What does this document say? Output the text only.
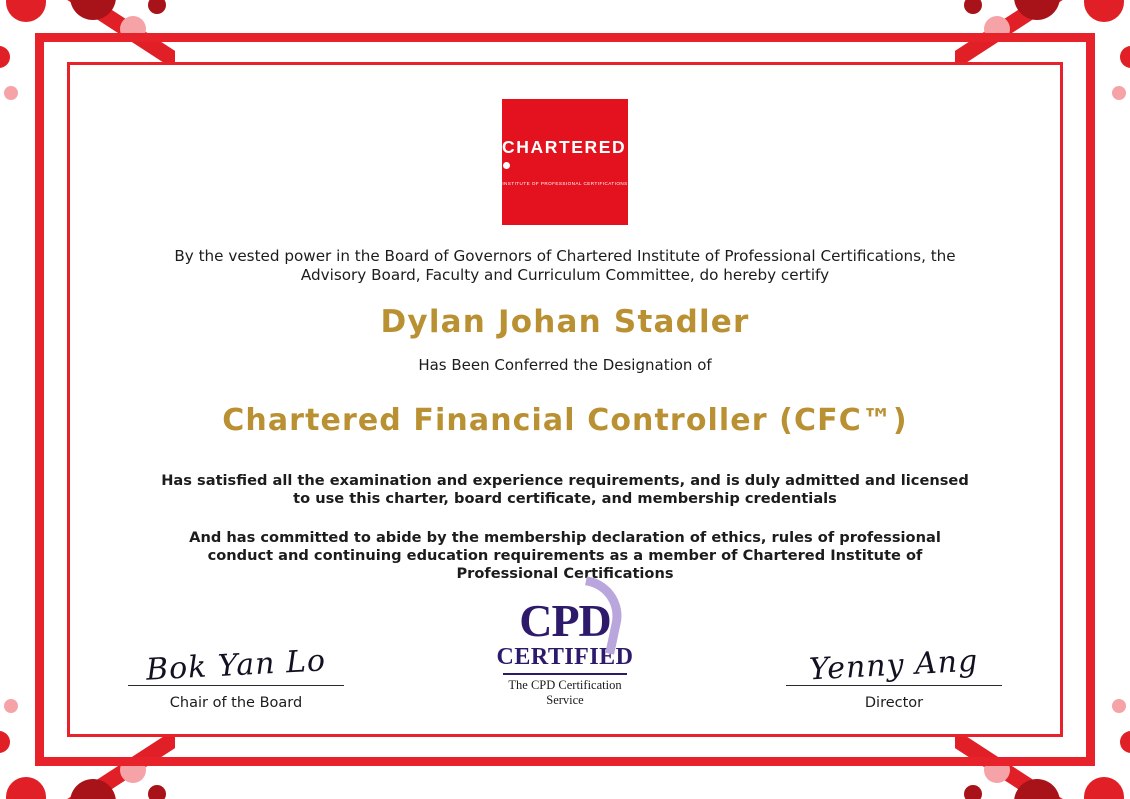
CHARTERED
INSTITUTE OF PROFESSIONAL CERTIFICATIONS
By the vested power in the Board of Governors of Chartered Institute of Professional Certifications, the Advisory Board, Faculty and Curriculum Committee, do hereby certify
Dylan Johan Stadler
Has Been Conferred the Designation of
Chartered Financial Controller (CFC™)
Has satisfied all the examination and experience requirements, and is duly admitted and licensed to use this charter, board certificate, and membership credentials
And has committed to abide by the membership declaration of ethics, rules of professional conduct and continuing education requirements as a member of Chartered Institute of Professional Certifications
Bok Yan Lo
Chair of the Board
CPD
CERTIFIED
The CPD Certification Service
Yenny Ang
Director
